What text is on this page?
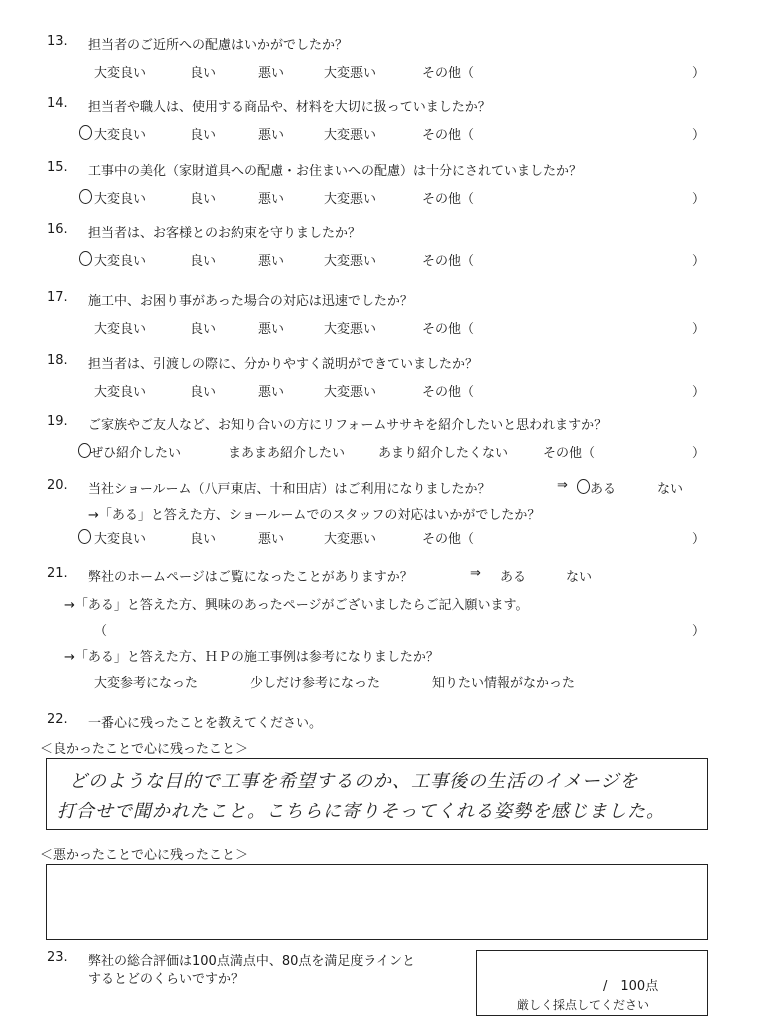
13. 担当者のご近所への配慮はいかがでしたか？
大変良い	良い	悪い	大変悪い	その他（	）
14. 担当者や職人は、使用する商品や、材料を大切に扱っていましたか？
大変良い	良い	悪い	大変悪い	その他（	）
15. 工事中の美化（家財道具への配慮・お住まいへの配慮）は十分にされていましたか？
大変良い	良い	悪い	大変悪い	その他（	）
16. 担当者は、お客様とのお約束を守りましたか？
大変良い	良い	悪い	大変悪い	その他（	）
17. 施工中、お困り事があった場合の対応は迅速でしたか？
大変良い	良い	悪い	大変悪い	その他（	）
18. 担当者は、引渡しの際に、分かりやすく説明ができていましたか？
大変良い	良い	悪い	大変悪い	その他（	）
19. ご家族やご友人など、お知り合いの方にリフォームササキを紹介したいと思われますか？
ぜひ紹介したい	まあまあ紹介したい	あまり紹介したくない	その他（	）
20. 当社ショールーム（八戸東店、十和田店）はご利用になりましたか？	⇒ ○ ある	ない
→「ある」と答えた方、ショールームでのスタッフの対応はいかがでしたか？
大変良い	良い	悪い	大変悪い	その他（	）
21. 弊社のホームページはご覧になったことがありますか？	⇒ ある	ない
→「ある」と答えた方、興味のあったページがございましたらご記入願います。
（	）
→「ある」と答えた方、ＨＰの施工事例は参考になりましたか？
大変参考になった	少しだけ参考になった	知りたい情報がなかった
22. 一番心に残ったことを教えてください。
＜良かったことで心に残ったこと＞
どのような目的で工事を希望するのか、工事後の生活のイメージを
打合せで聞かれたこと。こちらに寄りそってくれる姿勢を感じました。
＜悪かったことで心に残ったこと＞
23. 弊社の総合評価は100点満点中、80点を満足度ラインと
するとどのくらいですか？	/　100点
厳しく採点してください
